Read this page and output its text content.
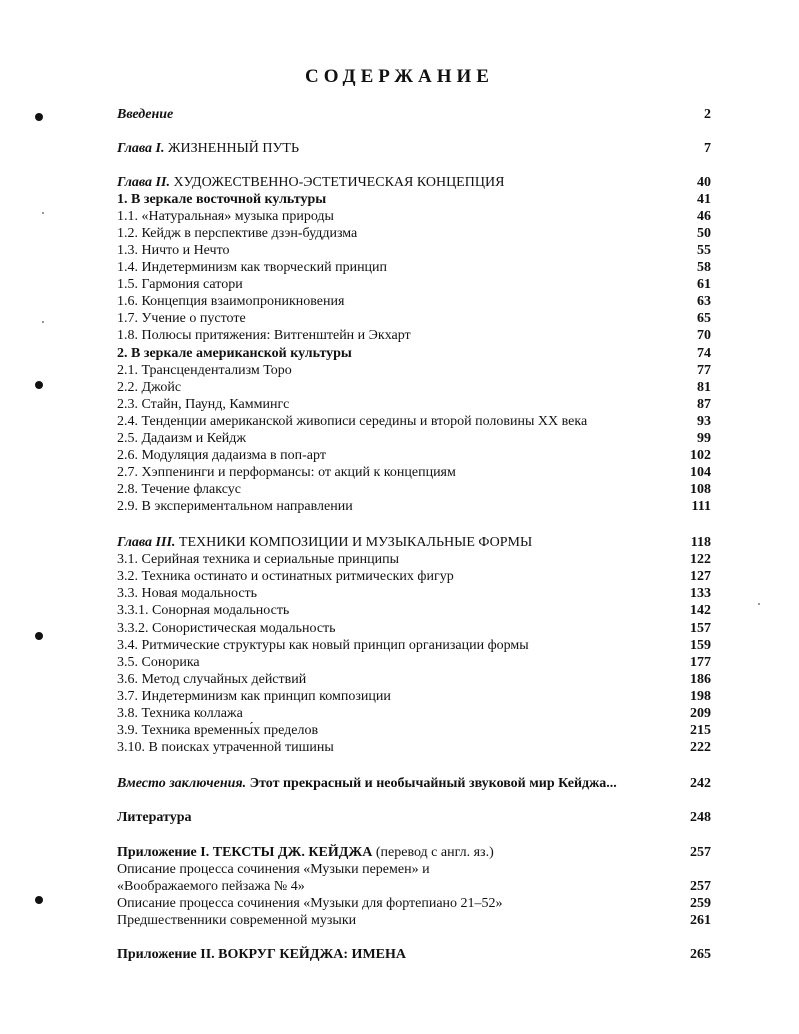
СОДЕРЖАНИЕ
Введение	2
Глава I. ЖИЗНЕННЫЙ ПУТЬ	7
Глава II. ХУДОЖЕСТВЕННО-ЭСТЕТИЧЕСКАЯ КОНЦЕПЦИЯ	40
1. В зеркале восточной культуры	41
1.1. «Натуральная» музыка природы	46
1.2. Кейдж в перспективе дзэн-буддизма	50
1.3. Ничто и Нечто	55
1.4. Индетерминизм как творческий принцип	58
1.5. Гармония сатори	61
1.6. Концепция взаимопроникновения	63
1.7. Учение о пустоте	65
1.8. Полюсы притяжения: Витгенштейн и Экхарт	70
2. В зеркале американской культуры	74
2.1. Трансцендентализм Торо	77
2.2. Джойс	81
2.3. Стайн, Паунд, Каммингс	87
2.4. Тенденции американской живописи середины и второй половины XX века	93
2.5. Дадаизм и Кейдж	99
2.6. Модуляция дадаизма в поп-арт	102
2.7. Хэппенинги и перформансы: от акций к концепциям	104
2.8. Течение флаксус	108
2.9. В экспериментальном направлении	111
Глава III. ТЕХНИКИ КОМПОЗИЦИИ И МУЗЫКАЛЬНЫЕ ФОРМЫ	118
3.1. Серийная техника и сериальные принципы	122
3.2. Техника остинато и остинатных ритмических фигур	127
3.3. Новая модальность	133
3.3.1. Сонорная модальность	142
3.3.2. Сонористическая модальность	157
3.4. Ритмические структуры как новый принцип организации формы	159
3.5. Сонорика	177
3.6. Метод случайных действий	186
3.7. Индетерминизм как принцип композиции	198
3.8. Техника коллажа	209
3.9. Техника временны́х пределов	215
3.10. В поисках утраченной тишины	222
Вместо заключения. Этот прекрасный и необычайный звуковой мир Кейджа...	242
Литература	248
Приложение I. ТЕКСТЫ ДЖ. КЕЙДЖА (перевод с англ. яз.)	257
Описание процесса сочинения «Музыки перемен» и
«Воображаемого пейзажа № 4»	257
Описание процесса сочинения «Музыки для фортепиано 21–52»	259
Предшественники современной музыки	261
Приложение II. ВОКРУГ КЕЙДЖА: ИМЕНА	265
